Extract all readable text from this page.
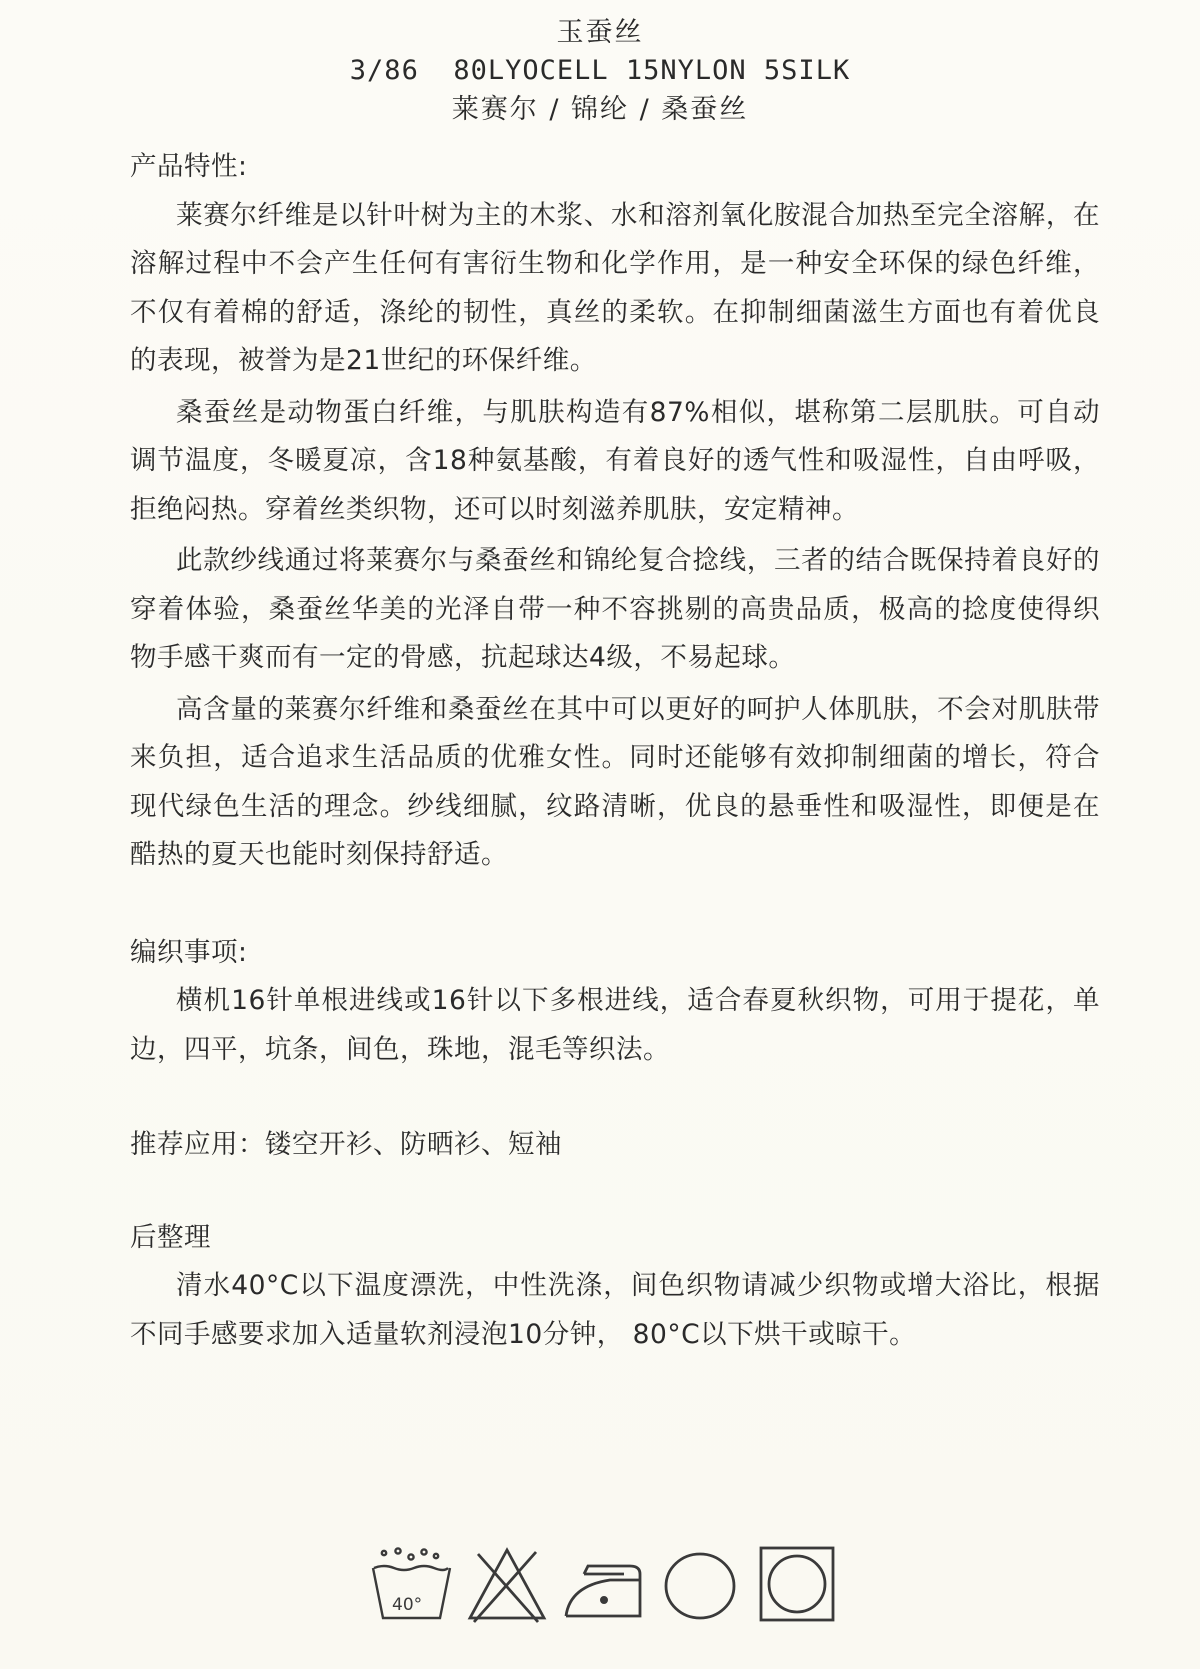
玉蚕丝
3/86  80LYOCELL 15NYLON 5SILK
莱赛尔 / 锦纶 / 桑蚕丝

产品特性:

莱赛尔纤维是以针叶树为主的木浆、水和溶剂氧化胺混合加热至完全溶解，在溶解过程中不会产生任何有害衍生物和化学作用，是一种安全环保的绿色纤维，不仅有着棉的舒适，涤纶的韧性，真丝的柔软。在抑制细菌滋生方面也有着优良的表现，被誉为是21世纪的环保纤维。

桑蚕丝是动物蛋白纤维，与肌肤构造有87%相似，堪称第二层肌肤。可自动调节温度，冬暖夏凉，含18种氨基酸，有着良好的透气性和吸湿性，自由呼吸，拒绝闷热。穿着丝类织物，还可以时刻滋养肌肤，安定精神。

此款纱线通过将莱赛尔与桑蚕丝和锦纶复合捻线，三者的结合既保持着良好的穿着体验，桑蚕丝华美的光泽自带一种不容挑剔的高贵品质，极高的捻度使得织物手感干爽而有一定的骨感，抗起球达4级，不易起球。

高含量的莱赛尔纤维和桑蚕丝在其中可以更好的呵护人体肌肤，不会对肌肤带来负担，适合追求生活品质的优雅女性。同时还能够有效抑制细菌的增长，符合现代绿色生活的理念。纱线细腻，纹路清晰，优良的悬垂性和吸湿性，即便是在酷热的夏天也能时刻保持舒适。

编织事项:

横机16针单根进线或16针以下多根进线，适合春夏秋织物，可用于提花，单边，四平，坑条，间色，珠地，混毛等织法。

推荐应用：镂空开衫、防晒衫、短袖

后整理

清水40°C以下温度漂洗，中性洗涤，间色织物请减少织物或增大浴比，根据不同手感要求加入适量软剂浸泡10分钟， 80°C以下烘干或晾干。

40°
